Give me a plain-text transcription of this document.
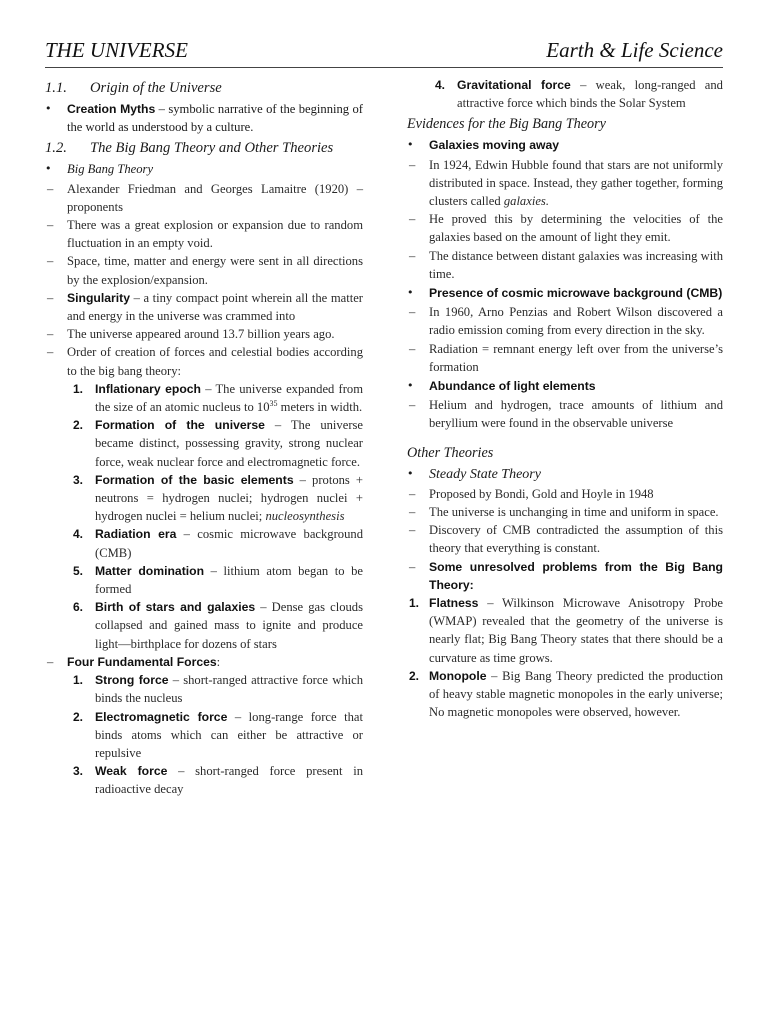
THE UNIVERSE	Earth & Life Science
1.1. Origin of the Universe
• Creation Myths – symbolic narrative of the beginning of the world as understood by a culture.
1.2. The Big Bang Theory and Other Theories
• Big Bang Theory
– Alexander Friedman and Georges Lamaitre (1920) – proponents
– There was a great explosion or expansion due to random fluctuation in an empty void.
– Space, time, matter and energy were sent in all directions by the explosion/expansion.
– Singularity – a tiny compact point wherein all the matter and energy in the universe was crammed into
– The universe appeared around 13.7 billion years ago.
– Order of creation of forces and celestial bodies according to the big bang theory:
1. Inflationary epoch – The universe expanded from the size of an atomic nucleus to $10^{35}$ meters in width.
2. Formation of the universe – The universe became distinct, possessing gravity, strong nuclear force, weak nuclear force and electromagnetic force.
3. Formation of the basic elements – protons + neutrons = hydrogen nuclei; hydrogen nuclei + hydrogen nuclei = helium nuclei; nucleosynthesis
4. Radiation era – cosmic microwave background (CMB)
5. Matter domination – lithium atom began to be formed
6. Birth of stars and galaxies – Dense gas clouds collapsed and gained mass to ignite and produce light—birthplace for dozens of stars
– Four Fundamental Forces:
1. Strong force – short-ranged attractive force which binds the nucleus
2. Electromagnetic force – long-range force that binds atoms which can either be attractive or repulsive
3. Weak force – short-ranged force present in radioactive decay
4. Gravitational force – weak, long-ranged and attractive force which binds the Solar System
Evidences for the Big Bang Theory
• Galaxies moving away
– In 1924, Edwin Hubble found that stars are not uniformly distributed in space. Instead, they gather together, forming clusters called galaxies.
– He proved this by determining the velocities of the galaxies based on the amount of light they emit.
– The distance between distant galaxies was increasing with time.
• Presence of cosmic microwave background (CMB)
– In 1960, Arno Penzias and Robert Wilson discovered a radio emission coming from every direction in the sky.
– Radiation = remnant energy left over from the universe’s formation
• Abundance of light elements
– Helium and hydrogen, trace amounts of lithium and beryllium were found in the observable universe
Other Theories
• Steady State Theory
– Proposed by Bondi, Gold and Hoyle in 1948
– The universe is unchanging in time and uniform in space.
– Discovery of CMB contradicted the assumption of this theory that everything is constant.
– Some unresolved problems from the Big Bang Theory:
1. Flatness – Wilkinson Microwave Anisotropy Probe (WMAP) revealed that the geometry of the universe is nearly flat; Big Bang Theory states that there should be a curvature as time grows.
2. Monopole – Big Bang Theory predicted the production of heavy stable magnetic monopoles in the early universe; No magnetic monopoles were observed, however.
